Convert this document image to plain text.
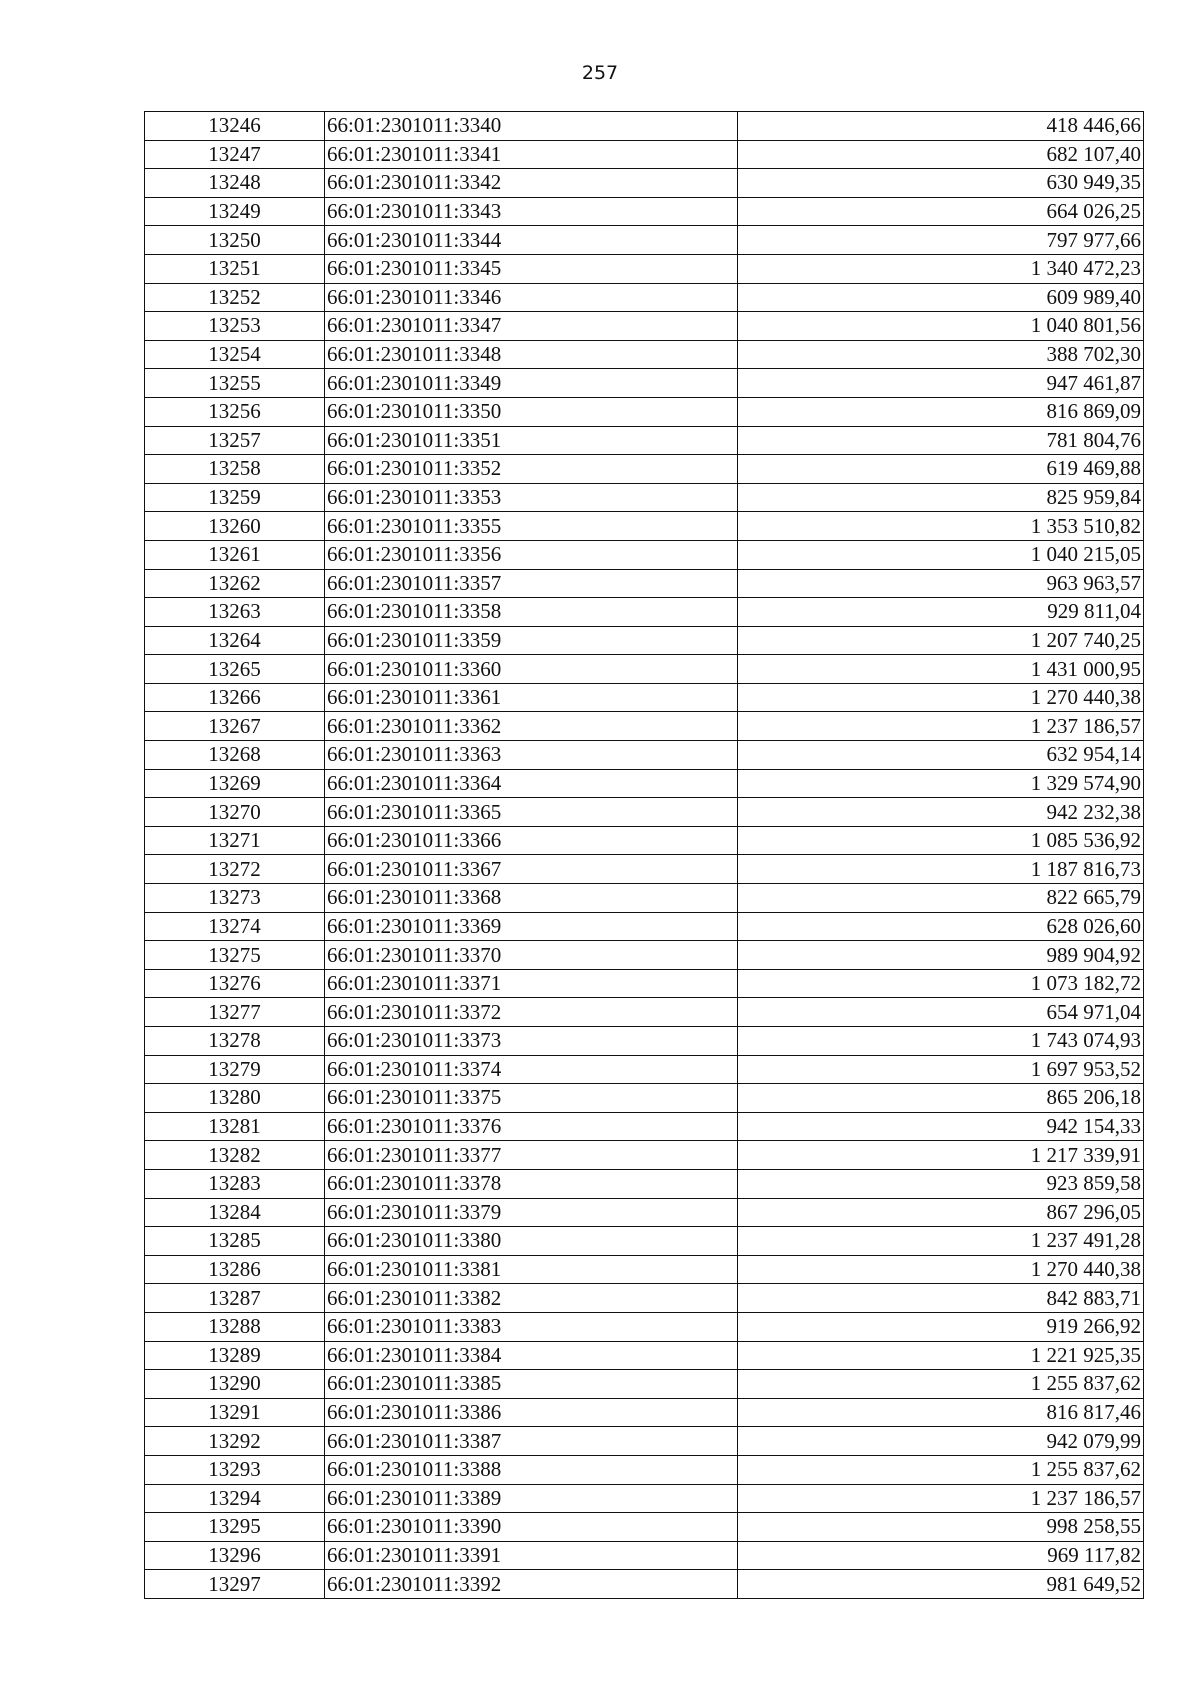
257
13246	66:01:2301011:3340	418 446,66
13247	66:01:2301011:3341	682 107,40
13248	66:01:2301011:3342	630 949,35
13249	66:01:2301011:3343	664 026,25
13250	66:01:2301011:3344	797 977,66
13251	66:01:2301011:3345	1 340 472,23
13252	66:01:2301011:3346	609 989,40
13253	66:01:2301011:3347	1 040 801,56
13254	66:01:2301011:3348	388 702,30
13255	66:01:2301011:3349	947 461,87
13256	66:01:2301011:3350	816 869,09
13257	66:01:2301011:3351	781 804,76
13258	66:01:2301011:3352	619 469,88
13259	66:01:2301011:3353	825 959,84
13260	66:01:2301011:3355	1 353 510,82
13261	66:01:2301011:3356	1 040 215,05
13262	66:01:2301011:3357	963 963,57
13263	66:01:2301011:3358	929 811,04
13264	66:01:2301011:3359	1 207 740,25
13265	66:01:2301011:3360	1 431 000,95
13266	66:01:2301011:3361	1 270 440,38
13267	66:01:2301011:3362	1 237 186,57
13268	66:01:2301011:3363	632 954,14
13269	66:01:2301011:3364	1 329 574,90
13270	66:01:2301011:3365	942 232,38
13271	66:01:2301011:3366	1 085 536,92
13272	66:01:2301011:3367	1 187 816,73
13273	66:01:2301011:3368	822 665,79
13274	66:01:2301011:3369	628 026,60
13275	66:01:2301011:3370	989 904,92
13276	66:01:2301011:3371	1 073 182,72
13277	66:01:2301011:3372	654 971,04
13278	66:01:2301011:3373	1 743 074,93
13279	66:01:2301011:3374	1 697 953,52
13280	66:01:2301011:3375	865 206,18
13281	66:01:2301011:3376	942 154,33
13282	66:01:2301011:3377	1 217 339,91
13283	66:01:2301011:3378	923 859,58
13284	66:01:2301011:3379	867 296,05
13285	66:01:2301011:3380	1 237 491,28
13286	66:01:2301011:3381	1 270 440,38
13287	66:01:2301011:3382	842 883,71
13288	66:01:2301011:3383	919 266,92
13289	66:01:2301011:3384	1 221 925,35
13290	66:01:2301011:3385	1 255 837,62
13291	66:01:2301011:3386	816 817,46
13292	66:01:2301011:3387	942 079,99
13293	66:01:2301011:3388	1 255 837,62
13294	66:01:2301011:3389	1 237 186,57
13295	66:01:2301011:3390	998 258,55
13296	66:01:2301011:3391	969 117,82
13297	66:01:2301011:3392	981 649,52
